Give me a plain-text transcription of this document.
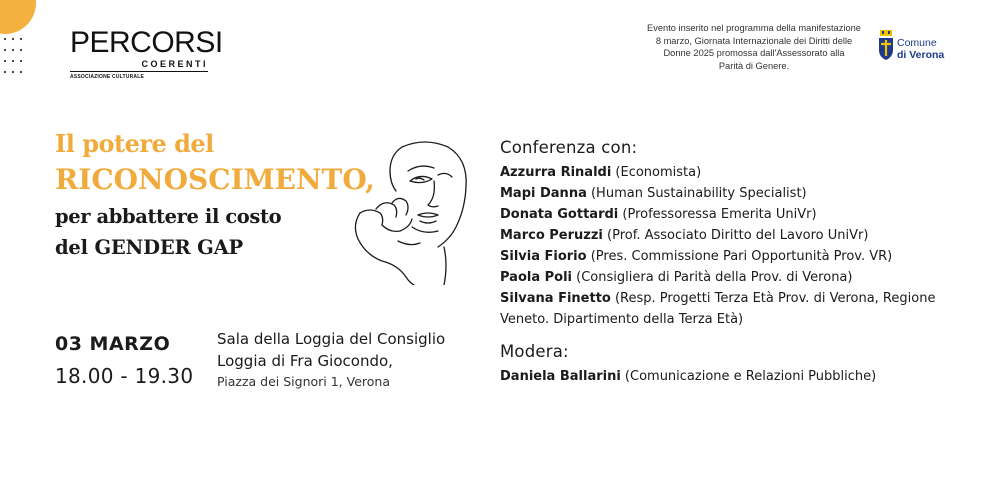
PERCORSI
COERENTI
ASSOCIAZIONE CULTURALE
Evento inserito nel programma della manifestazione
8 marzo, Giornata Internazionale dei Diritti delle
Donne 2025 promossa dall'Assessorato alla
Parità di Genere.
Comune
di Verona
Il potere del
RICONOSCIMENTO,
per abbattere il costo
del GENDER GAP
03 MARZO
18.00 - 19.30
Sala della Loggia del Consiglio
Loggia di Fra Giocondo,
Piazza dei Signori 1, Verona
Conferenza con:
Azzurra Rinaldi (Economista)
Mapi Danna (Human Sustainability Specialist)
Donata Gottardi (Professoressa Emerita UniVr)
Marco Peruzzi (Prof. Associato Diritto del Lavoro UniVr)
Silvia Fiorio (Pres. Commissione Pari Opportunità Prov. VR)
Paola Poli (Consigliera di Parità della Prov. di Verona)
Silvana Finetto (Resp. Progetti Terza Età Prov. di Verona, Regione Veneto. Dipartimento della Terza Età)
Modera:
Daniela Ballarini (Comunicazione e Relazioni Pubbliche)
